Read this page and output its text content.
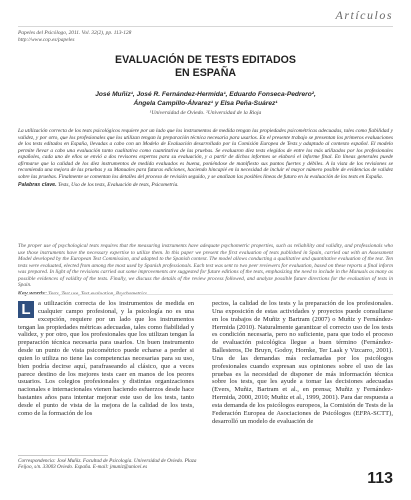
Artículos
Papeles del Psicólogo, 2011. Vol. 32(2), pp. 113-128
http://www.cop.es/papeles
EVALUACIÓN DE TESTS EDITADOS
EN ESPAÑA
José Muñiz¹, José R. Fernández-Hermida¹, Eduardo Fonseca-Pedrero²,
Ángela Campillo-Álvarez¹ y Elsa Peña-Suárez¹
¹Universidad de Oviedo. ²Universidad de la Rioja
La utilización correcta de los tests psicológicos requiere por un lado que los instrumentos de medida tengan las propiedades psicométricas adecuadas, tales como fiabilidad y validez, y por otro, que los profesionales que los utilizan tengan la preparación técnica necesaria para usarlos. En el presente trabajo se presentan los primeros evaluaciones de los tests editados en España, llevadas a cabo con un Modelo de Evaluación desarrollado por la Comisión Europea de Tests y adaptado al contexto español. El modelo permite llevar a cabo una evaluación tanto cualitativa como cuantitativa de las pruebas. Se evaluaron diez tests elegidos de entre los más utilizados por los profesionales españoles, cada uno de ellos se envió a dos revisores expertos para su evaluación, y a partir de dichos informes se elaboró el informe final. En líneas generales puede afirmarse que la calidad de los diez instrumentos de medida evaluados es buena, poniéndose de manifiesto sus puntos fuertes y débiles. A la vista de los revisiones se recomienda una mejora de las pruebas y su Manuales para futuras ediciones, haciendo hincapié en la necesidad de incluir el mayor número posible de evidencias de validez sobre las pruebas. Finalmente se comentan los detalles del proceso de revisión seguido, y se analizan las posibles líneas de futuro en la evaluación de los tests en España.
Palabras clave. Tests, Uso de los tests, Evaluación de tests, Psicometría.
The proper use of psychological tests requires that the measuring instruments have adequate psychometric properties, such as reliability and validity, and professionals who use those instruments have the necessary expertise to utilize them. In this paper we present the first evaluation of tests published in Spain, carried out with an Assessment Model developed by the European Test Commission, and adapted to the Spanish context. The model allows conducting a qualitative and quantitative evaluation of the test. Ten tests were evaluated, elected from among the most used by Spanish professionals. Each test was sent to two peer reviewers for evaluation, based on these reports a final inform was prepared. In light of the revisions carried out some improvements are suggested for future editions of the tests, emphasizing the need to include in the Manuals as many as possible evidences of validity of the tests. Finally, we discuss the details of the review process followed, and analyze possible future directions for the evaluation of tests in Spain.
L	a utilización correcta de los instrumentos de medida en cualquier campo profesional, y la psicología no es una excepción, requiere por un lado que los instrumentos tengan las propiedades métricas adecuadas, tales como fiabilidad y validez, y por otro, que los profesionales que los utilizan tengan la preparación técnica necesaria para usarlos. Un buen instrumento desde un punto de vista psicométrico puede echarse a perder si quien lo utiliza no tiene las competencias necesarias para su uso, bien podría decirse aquí, parafraseando al clásico, que a veces parece destino de los mejores tests caer en manos de los peores usuarios. Los colegios profesionales y distintas organizaciones nacionales e internacionales vienen haciendo esfuerzos desde hace bastantes años para intentar mejorar este uso de los tests, tanto desde el punto de vista de la mejora de la calidad de los tests, como de la formación de los
pectos, la calidad de los tests y la preparación de los profesionales. Una exposición de estas actividades y proyectos puede consultarse en los trabajos de Muñiz y Bartram (2007) o Muñiz y Fernández-Hermida (2010). Naturalmente garantizar el correcto uso de los tests es condición necesaria, pero no suficiente, para que todo el proceso de evaluación psicológica llegue a buen término (Fernández-Ballesteros, De Bruyn, Godoy, Hornke, Ter Laak y Vizcarro, 2001). Una de las demandas más reclamadas por los psicólogos profesionales cuando expresan sus opiniones sobre el uso de las pruebas es la necesidad de disponer de más información técnica sobre los tests, que les ayude a tomar las decisiones adecuadas (Evers, Muñiz, Bartram et al., en prensa; Muñiz y Fernández-Hermida, 2000, 2010; Muñiz et al., 1999, 2001). Para dar respuesta a esta demanda de los psicólogos europeos, la Comisión de Tests de la Federación Europea de Asociaciones de Psicólogos (EFPA-SCTT), desarrolló un modelo de evaluación de
Correspondencia: José Muñiz. Facultad de Psicología. Universidad de Oviedo. Plaza Feijoo, s/n. 33003 Oviedo. España. E-mail: jmuniz@uniovi.es
113
